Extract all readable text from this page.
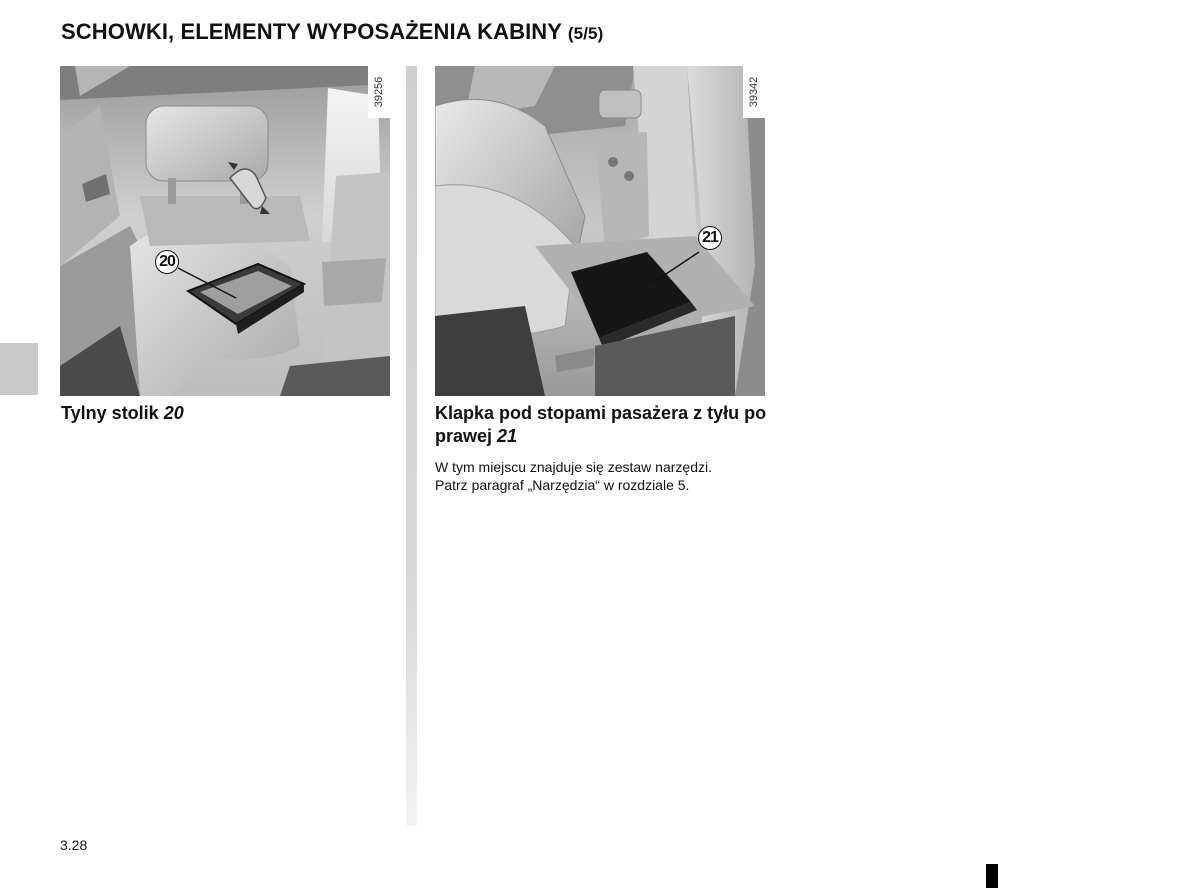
SCHOWKI, ELEMENTY WYPOSAŻENIA KABINY (5/5)
39256
20
39342
21
Tylny stolik 20	Klapka pod stopami pasażera z tyłu po prawej 21
W tym miejscu znajduje się zestaw narzędzi.
Patrz paragraf „Narzędzia“ w rozdziale 5.
3.28
